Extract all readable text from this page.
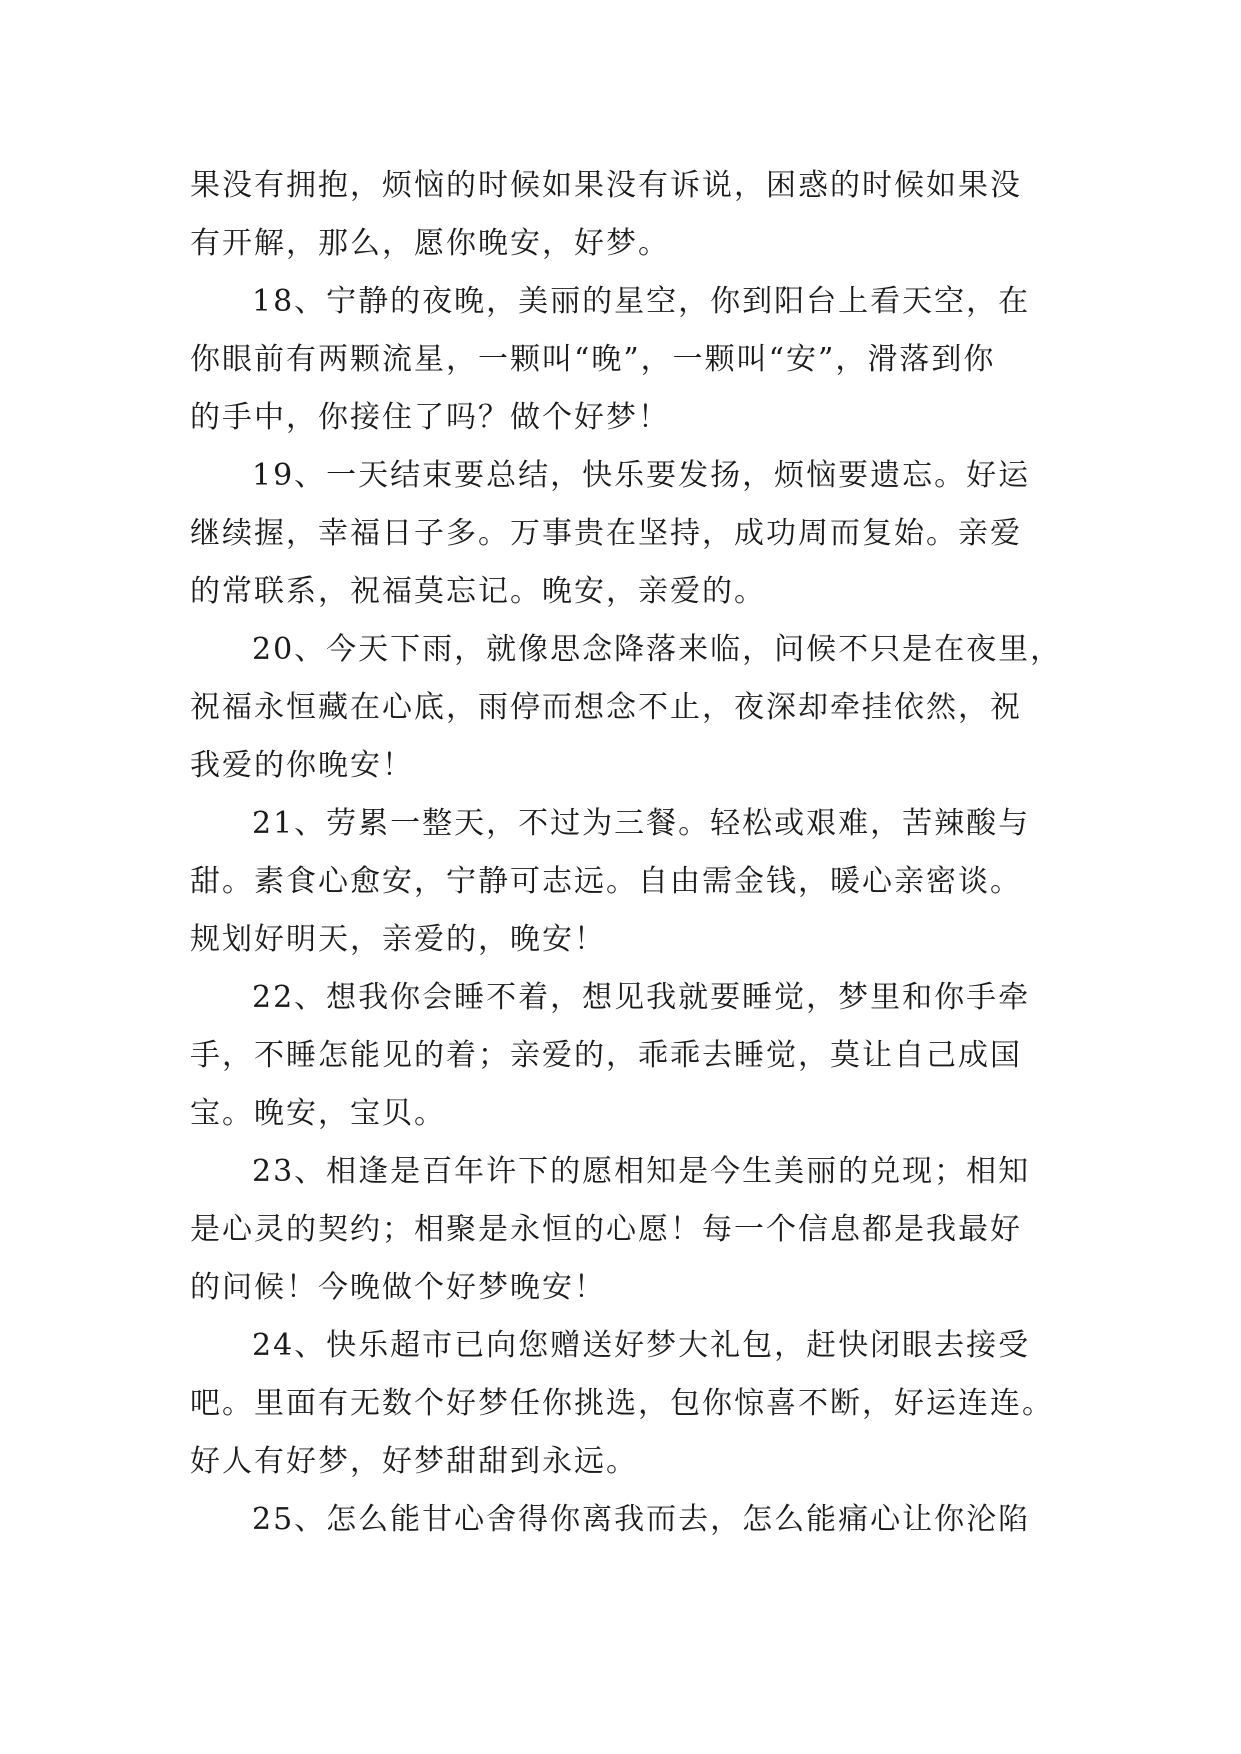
果没有拥抱，烦恼的时候如果没有诉说，困惑的时候如果没
有开解，那么，愿你晚安，好梦。
18、宁静的夜晚，美丽的星空，你到阳台上看天空，在
你眼前有两颗流星，一颗叫“晚”，一颗叫“安”，滑落到你
的手中，你接住了吗？做个好梦！
19、一天结束要总结，快乐要发扬，烦恼要遗忘。好运
继续握，幸福日子多。万事贵在坚持，成功周而复始。亲爱
的常联系，祝福莫忘记。晚安，亲爱的。
20、今天下雨，就像思念降落来临，问候不只是在夜里，
祝福永恒藏在心底，雨停而想念不止，夜深却牵挂依然，祝
我爱的你晚安！
21、劳累一整天，不过为三餐。轻松或艰难，苦辣酸与
甜。素食心愈安，宁静可志远。自由需金钱，暖心亲密谈。
规划好明天，亲爱的，晚安！
22、想我你会睡不着，想见我就要睡觉，梦里和你手牵
手，不睡怎能见的着；亲爱的，乖乖去睡觉，莫让自己成国
宝。晚安，宝贝。
23、相逢是百年许下的愿相知是今生美丽的兑现；相知
是心灵的契约；相聚是永恒的心愿！每一个信息都是我最好
的问候！今晚做个好梦晚安！
24、快乐超市已向您赠送好梦大礼包，赶快闭眼去接受
吧。里面有无数个好梦任你挑选，包你惊喜不断，好运连连。
好人有好梦，好梦甜甜到永远。
25、怎么能甘心舍得你离我而去，怎么能痛心让你沦陷
